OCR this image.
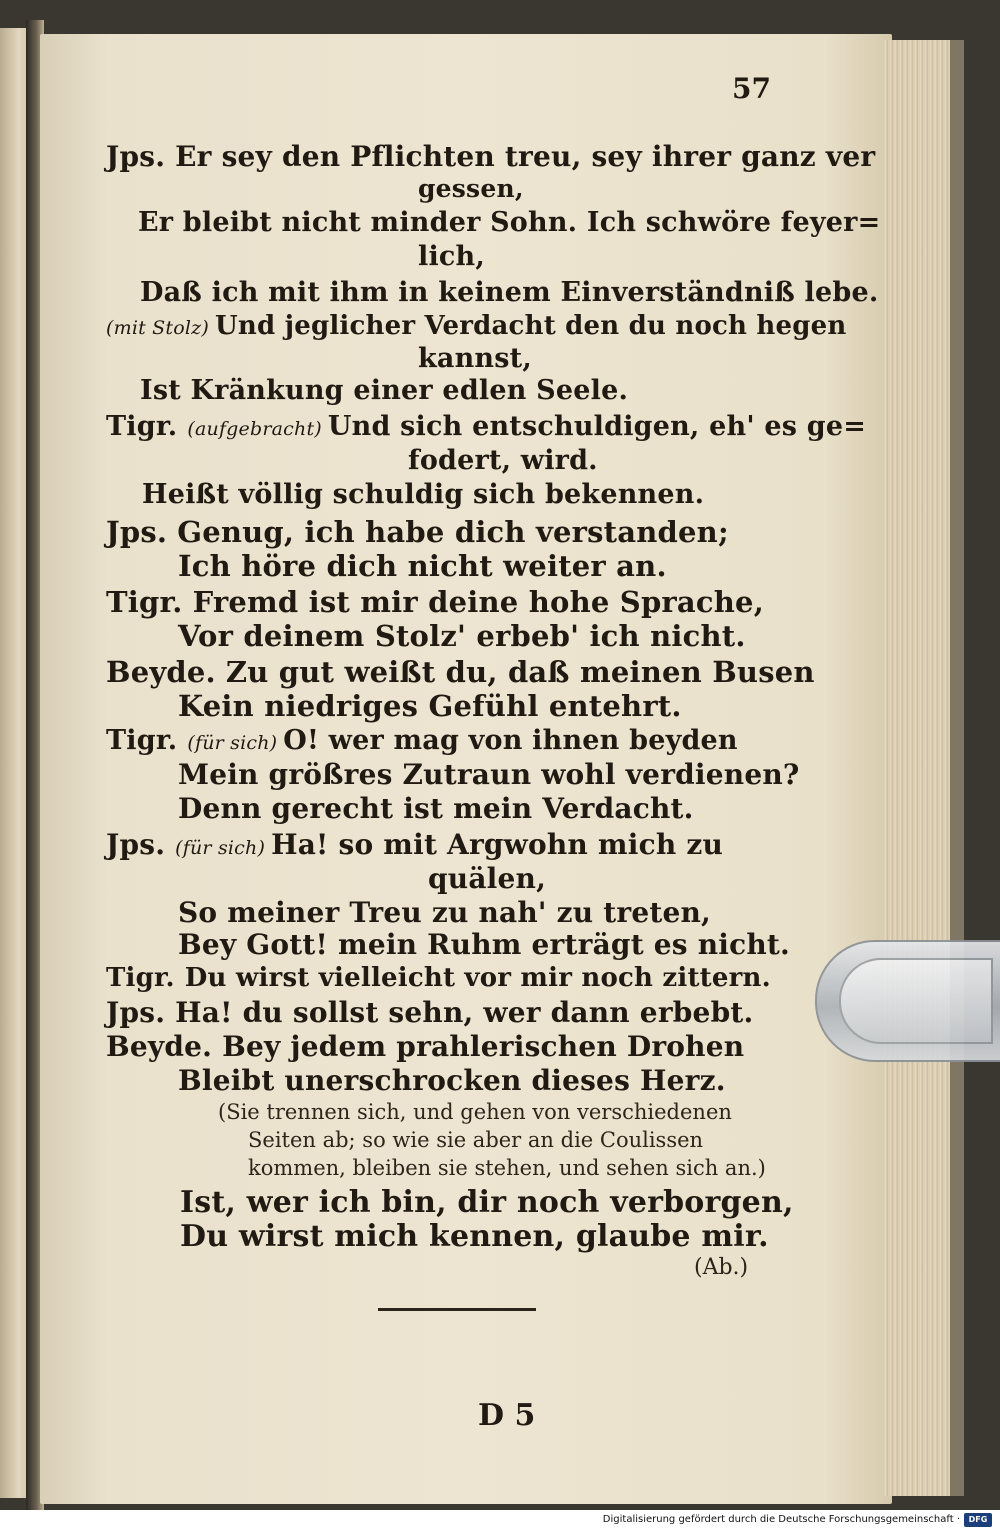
57
Jps. Er sey den Pflichten treu, sey ihrer ganz ver
gessen,
Er bleibt nicht minder Sohn. Ich schwöre feyer=
lich,
Daß ich mit ihm in keinem Einverständniß lebe.
(mit Stolz) Und jeglicher Verdacht den du noch hegen
kannst,
Ist Kränkung einer edlen Seele.
Tigr. (aufgebracht) Und sich entschuldigen, eh' es ge=
fodert, wird.
Heißt völlig schuldig sich bekennen.
Jps. Genug, ich habe dich verstanden;
Ich höre dich nicht weiter an.
Tigr. Fremd ist mir deine hohe Sprache,
Vor deinem Stolz' erbeb' ich nicht.
Beyde. Zu gut weißt du, daß meinen Busen
Kein niedriges Gefühl entehrt.
Tigr. (für sich) O! wer mag von ihnen beyden
Mein größres Zutraun wohl verdienen?
Denn gerecht ist mein Verdacht.
Jps. (für sich) Ha! so mit Argwohn mich zu
quälen,
So meiner Treu zu nah' zu treten,
Bey Gott! mein Ruhm erträgt es nicht.
Tigr. Du wirst vielleicht vor mir noch zittern.
Jps. Ha! du sollst sehn, wer dann erbebt.
Beyde. Bey jedem prahlerischen Drohen
Bleibt unerschrocken dieses Herz.
(Sie trennen sich, und gehen von verschiedenen
Seiten ab; so wie sie aber an die Coulissen
kommen, bleiben sie stehen, und sehen sich an.)
Ist, wer ich bin, dir noch verborgen,
Du wirst mich kennen, glaube mir.
(Ab.)
D 5
Digitalisierung gefördert durch die Deutsche Forschungsgemeinschaft ·	DFG
